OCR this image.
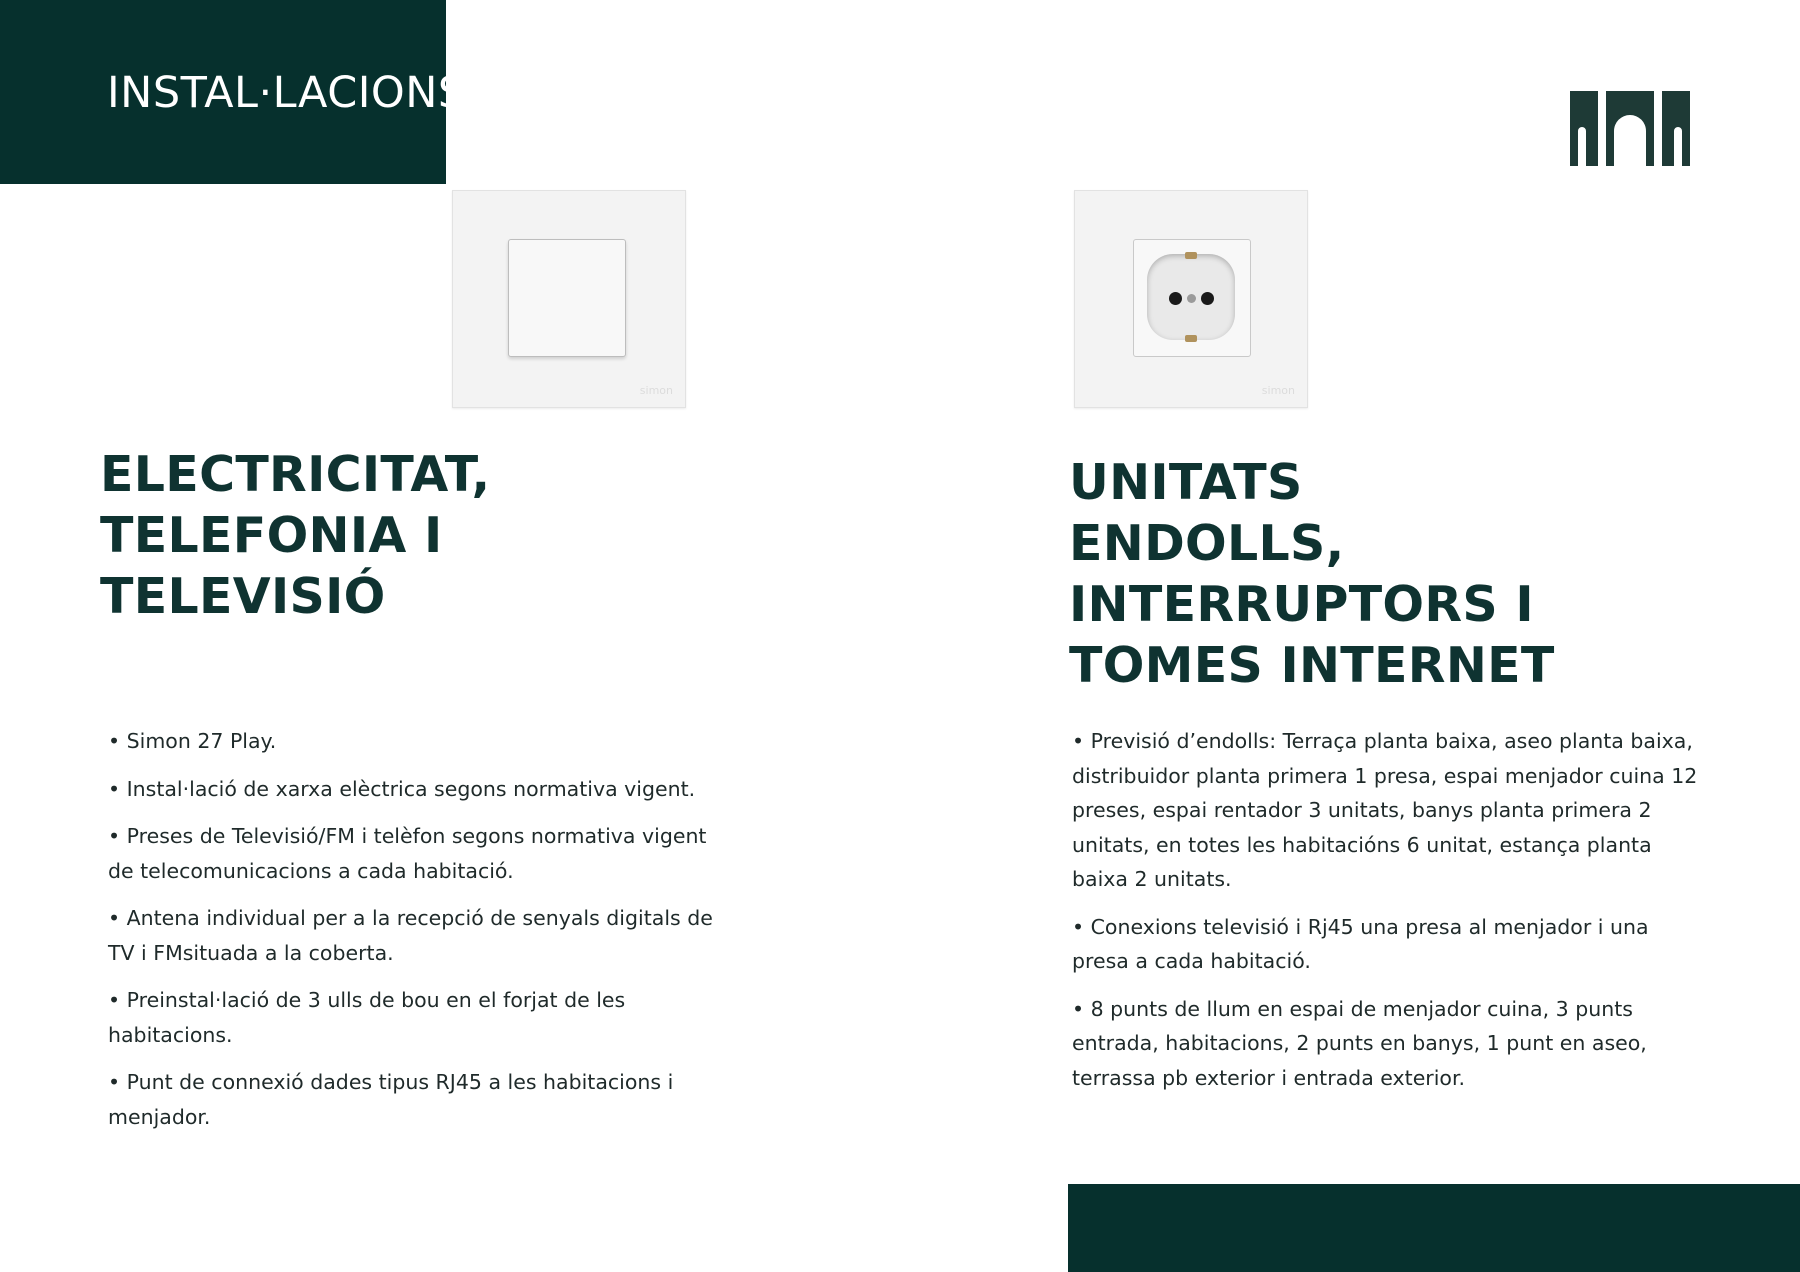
INSTAL·LACIONS
simon	simon
ELECTRICITAT,
TELEFONIA I
TELEVISIÓ
UNITATS
ENDOLLS,
INTERRUPTORS I
TOMES INTERNET
• Simon 27 Play.
• Instal·lació de xarxa elèctrica segons normativa vigent.
• Preses de Televisió/FM i telèfon segons normativa vigent de telecomunicacions a cada habitació.
• Antena individual per a la recepció de senyals digitals de TV i FMsituada a la coberta.
• Preinstal·lació de 3 ulls de bou en el forjat de les habitacions.
• Punt de connexió dades tipus RJ45 a les habitacions i menjador.
• Previsió d’endolls: Terraça planta baixa, aseo planta baixa, distribuidor planta primera 1 presa, espai menjador cuina 12 preses, espai rentador 3 unitats, banys planta primera 2 unitats, en totes les habitacións 6 unitat, estança planta baixa 2 unitats.
• Conexions televisió i Rj45 una presa al menjador i una presa a cada habitació.
• 8 punts de llum en espai de menjador cuina, 3 punts entrada, habitacions, 2 punts en banys, 1 punt en aseo, terrassa pb exterior i entrada exterior.
